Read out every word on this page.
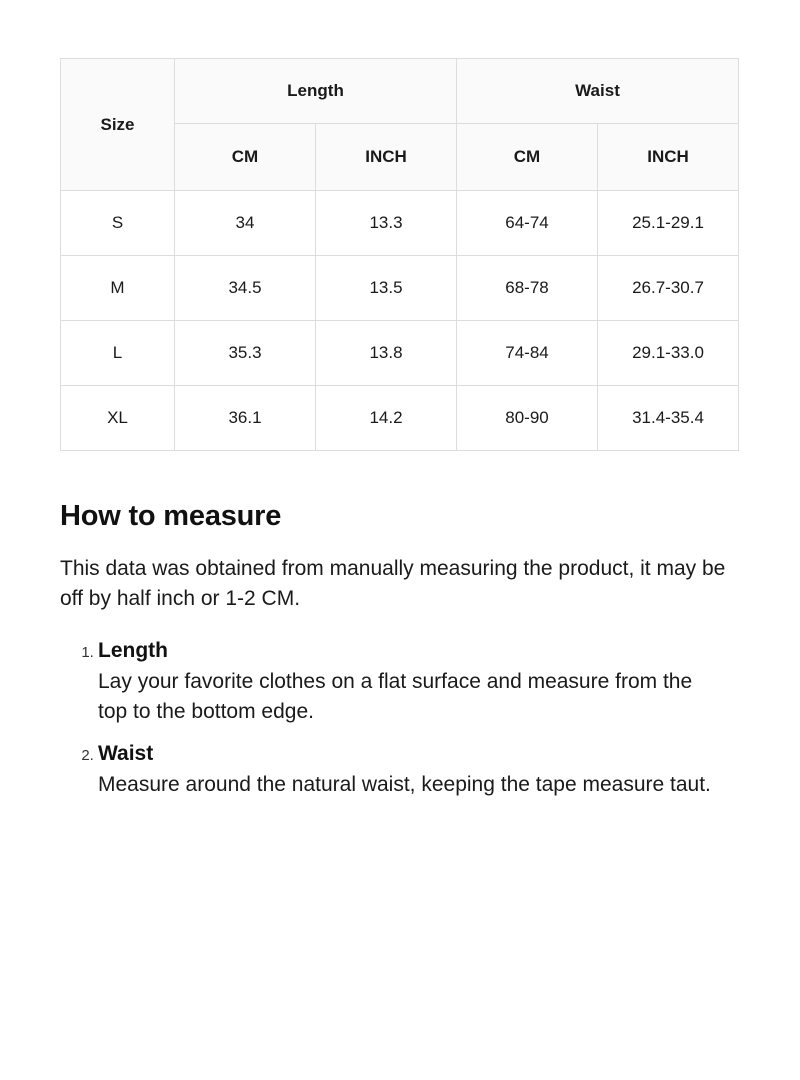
Size	Length		Waist	
	CM	INCH	CM	INCH
S	34	13.3	64-74	25.1-29.1
M	34.5	13.5	68-78	26.7-30.7
L	35.3	13.8	74-84	29.1-33.0
XL	36.1	14.2	80-90	31.4-35.4
How to measure

This data was obtained from manually measuring the product, it may be off by half inch or 1-2 CM.

1. Length
Lay your favorite clothes on a flat surface and measure from the top to the bottom edge.
2. Waist
Measure around the natural waist, keeping the tape measure taut.
